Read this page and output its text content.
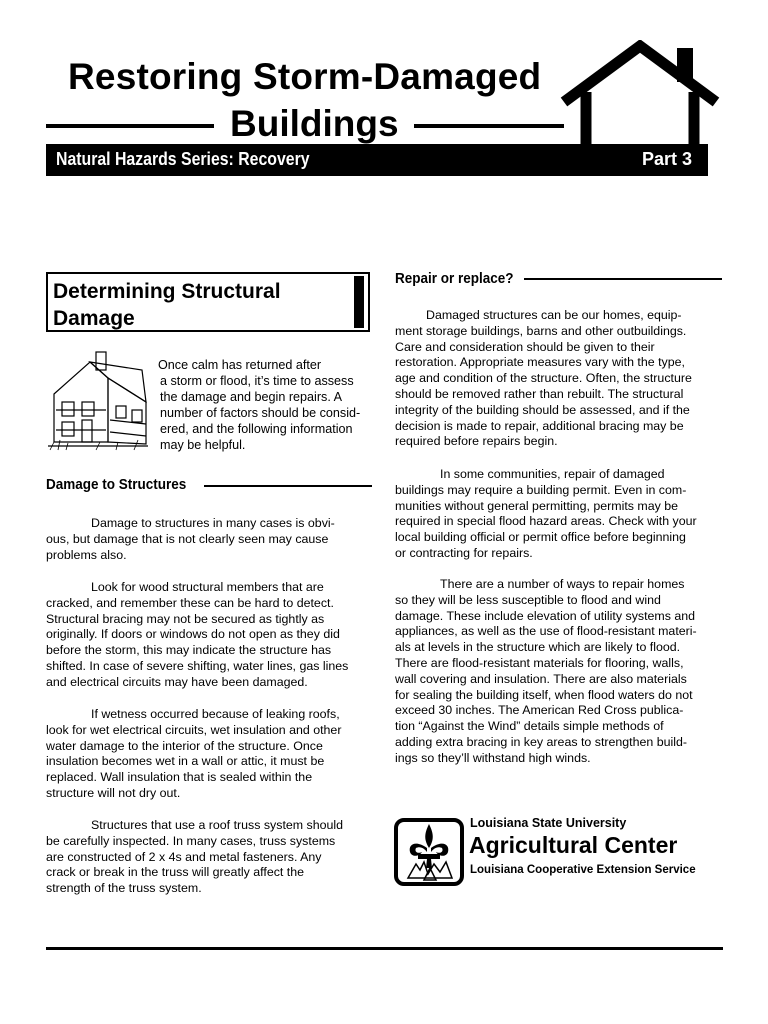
Restoring Storm-Damaged
Buildings
Natural Hazards Series: Recovery	Part 3
Determining Structural
Damage
Once calm has returned after
a storm or flood, it’s time to assess
the damage and begin repairs. A
number of factors should be consid-
ered, and the following information
may be helpful.
Damage to Structures
Damage to structures in many cases is obvi-
ous, but damage that is not clearly seen may cause
problems also.
Look for wood structural members that are
cracked, and remember these can be hard to detect.
Structural bracing may not be secured as tightly as
originally. If doors or windows do not open as they did
before the storm, this may indicate the structure has
shifted. In case of severe shifting, water lines, gas lines
and electrical circuits may have been damaged.
If wetness occurred because of leaking roofs,
look for wet electrical circuits, wet insulation and other
water damage to the interior of the structure. Once
insulation becomes wet in a wall or attic, it must be
replaced. Wall insulation that is sealed within the
structure will not dry out.
Structures that use a roof truss system should
be carefully inspected. In many cases, truss systems
are constructed of 2 x 4s and metal fasteners. Any
crack or break in the truss will greatly affect the
strength of the truss system.
Repair or replace?
Damaged structures can be our homes, equip-
ment storage buildings, barns and other outbuildings.
Care and consideration should be given to their
restoration. Appropriate measures vary with the type,
age and condition of the structure. Often, the structure
should be removed rather than rebuilt. The structural
integrity of the building should be assessed, and if the
decision is made to repair, additional bracing may be
required before repairs begin.
In some communities, repair of damaged
buildings may require a building permit. Even in com-
munities without general permitting, permits may be
required in special flood hazard areas. Check with your
local building official or permit office before beginning
or contracting for repairs.
There are a number of ways to repair homes
so they will be less susceptible to flood and wind
damage. These include elevation of utility systems and
appliances, as well as the use of flood-resistant materi-
als at levels in the structure which are likely to flood.
There are flood-resistant materials for flooring, walls,
wall covering and insulation. There are also materials
for sealing the building itself, when flood waters do not
exceed 30 inches. The American Red Cross publica-
tion “Against the Wind” details simple methods of
adding extra bracing in key areas to strengthen build-
ings so they’ll withstand high winds.
Louisiana State University
Agricultural Center
Louisiana Cooperative Extension Service
